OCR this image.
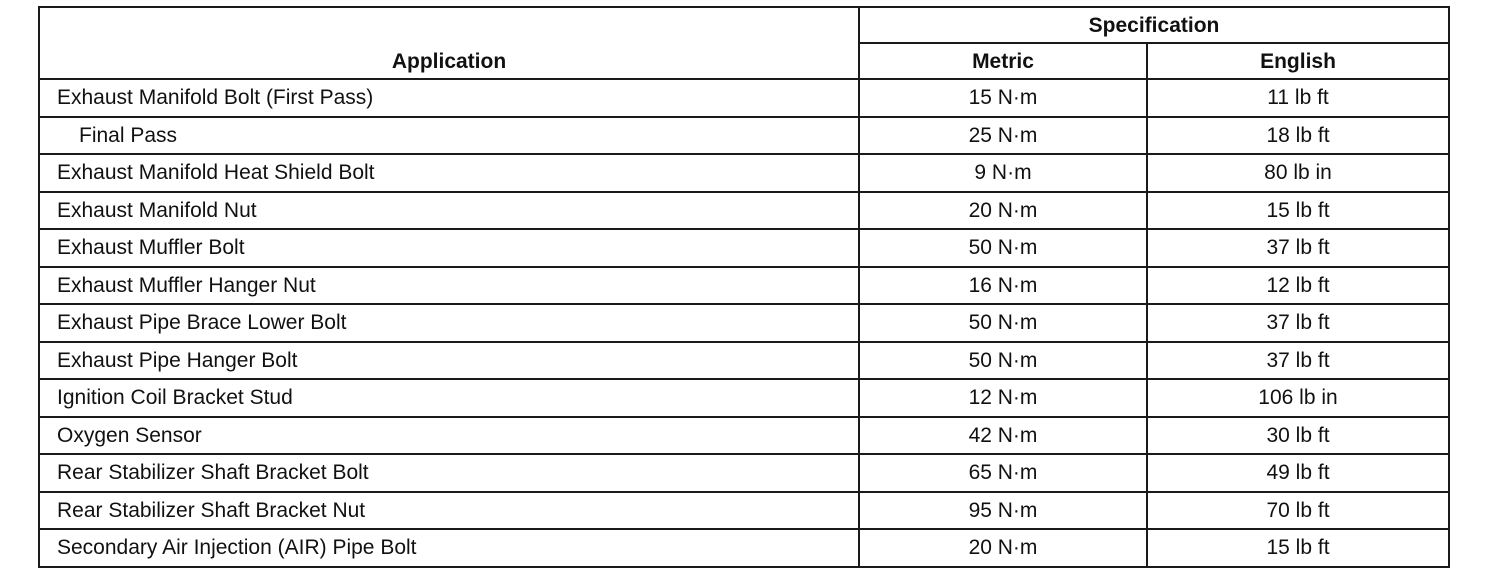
Application	Specification	
	Metric	English
Exhaust Manifold Bolt (First Pass)	15 N·m	11 lb ft
Final Pass	25 N·m	18 lb ft
Exhaust Manifold Heat Shield Bolt	9 N·m	80 lb in
Exhaust Manifold Nut	20 N·m	15 lb ft
Exhaust Muffler Bolt	50 N·m	37 lb ft
Exhaust Muffler Hanger Nut	16 N·m	12 lb ft
Exhaust Pipe Brace Lower Bolt	50 N·m	37 lb ft
Exhaust Pipe Hanger Bolt	50 N·m	37 lb ft
Ignition Coil Bracket Stud	12 N·m	106 lb in
Oxygen Sensor	42 N·m	30 lb ft
Rear Stabilizer Shaft Bracket Bolt	65 N·m	49 lb ft
Rear Stabilizer Shaft Bracket Nut	95 N·m	70 lb ft
Secondary Air Injection (AIR) Pipe Bolt	20 N·m	15 lb ft
